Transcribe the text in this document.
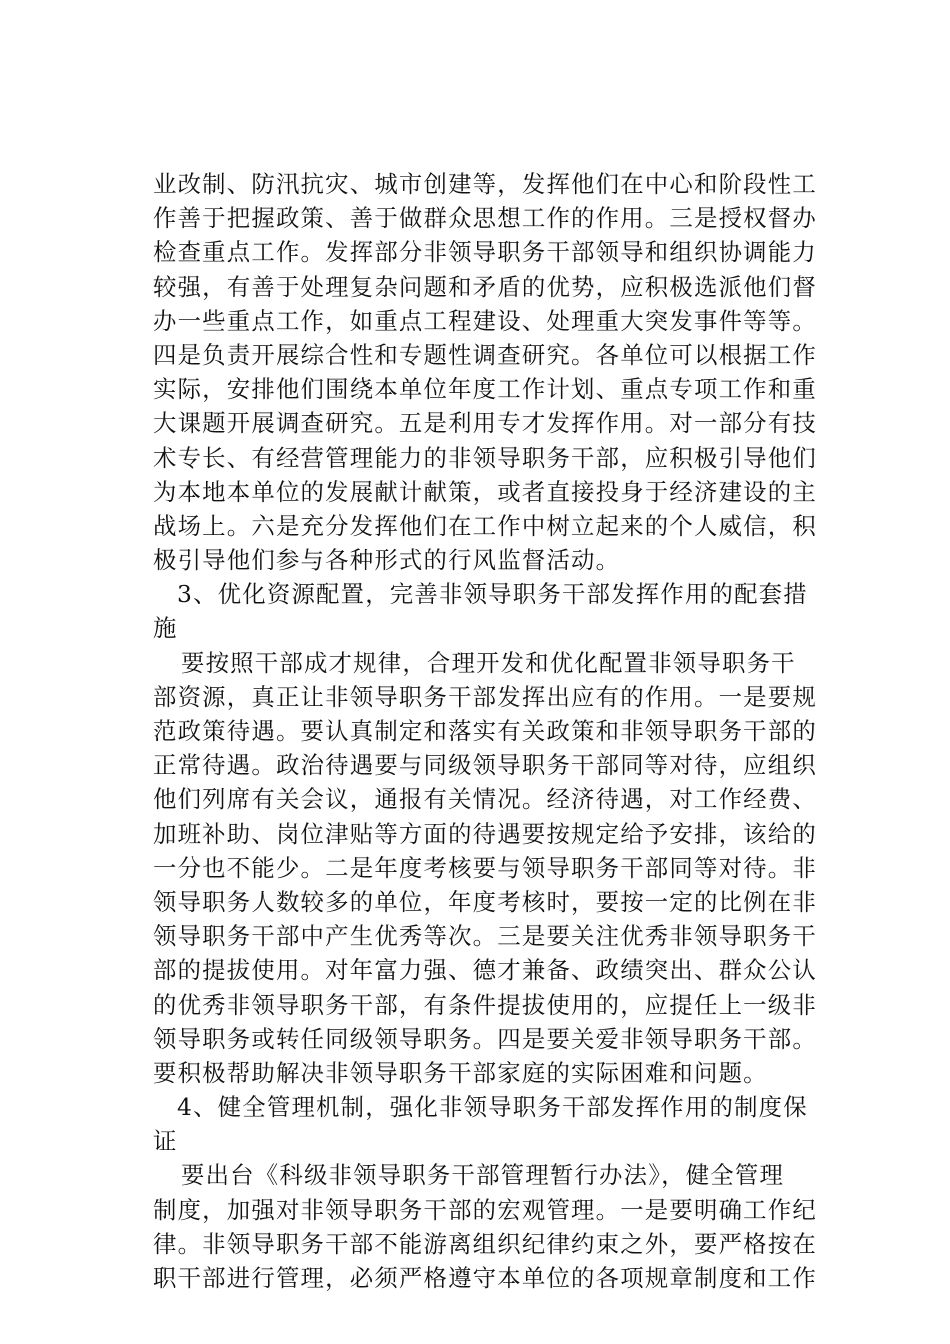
业改制、防汛抗灾、城市创建等，发挥他们在中心和阶段性工
作善于把握政策、善于做群众思想工作的作用。三是授权督办
检查重点工作。发挥部分非领导职务干部领导和组织协调能力
较强，有善于处理复杂问题和矛盾的优势，应积极选派他们督
办一些重点工作，如重点工程建设、处理重大突发事件等等。
四是负责开展综合性和专题性调查研究。各单位可以根据工作
实际，安排他们围绕本单位年度工作计划、重点专项工作和重
大课题开展调查研究。五是利用专才发挥作用。对一部分有技
术专长、有经营管理能力的非领导职务干部，应积极引导他们
为本地本单位的发展献计献策，或者直接投身于经济建设的主
战场上。六是充分发挥他们在工作中树立起来的个人威信，积
极引导他们参与各种形式的行风监督活动。
3、优化资源配置，完善非领导职务干部发挥作用的配套措
施
要按照干部成才规律，合理开发和优化配置非领导职务干
部资源，真正让非领导职务干部发挥出应有的作用。一是要规
范政策待遇。要认真制定和落实有关政策和非领导职务干部的
正常待遇。政治待遇要与同级领导职务干部同等对待，应组织
他们列席有关会议，通报有关情况。经济待遇，对工作经费、
加班补助、岗位津贴等方面的待遇要按规定给予安排，该给的
一分也不能少。二是年度考核要与领导职务干部同等对待。非
领导职务人数较多的单位，年度考核时，要按一定的比例在非
领导职务干部中产生优秀等次。三是要关注优秀非领导职务干
部的提拔使用。对年富力强、德才兼备、政绩突出、群众公认
的优秀非领导职务干部，有条件提拔使用的，应提任上一级非
领导职务或转任同级领导职务。四是要关爱非领导职务干部。
要积极帮助解决非领导职务干部家庭的实际困难和问题。
4、健全管理机制，强化非领导职务干部发挥作用的制度保
证
要出台《科级非领导职务干部管理暂行办法》，健全管理
制度，加强对非领导职务干部的宏观管理。一是要明确工作纪
律。非领导职务干部不能游离组织纪律约束之外，要严格按在
职干部进行管理，必须严格遵守本单位的各项规章制度和工作
